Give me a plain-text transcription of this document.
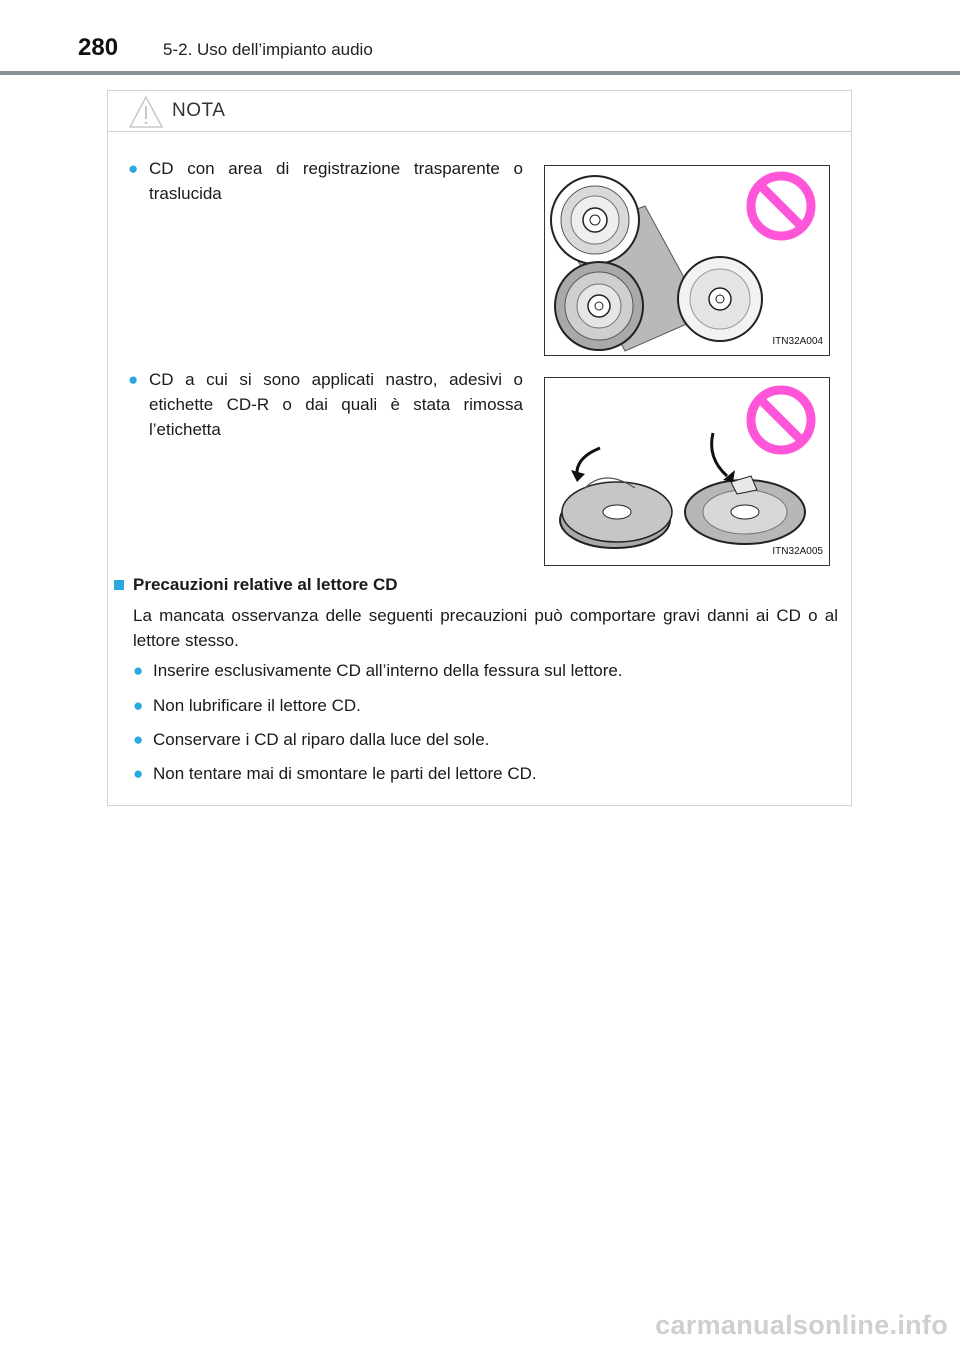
280	5-2. Uso dell’impianto audio
NOTA
● CD con area di registrazione trasparente o traslucida
ITN32A004
● CD a cui si sono applicati nastro, adesivi o etichette CD-R o dai quali è stata rimossa l’etichetta
ITN32A005
Precauzioni relative al lettore CD
La mancata osservanza delle seguenti precauzioni può comportare gravi danni ai CD o al lettore stesso.
● Inserire esclusivamente CD all’interno della fessura sul lettore.
● Non lubrificare il lettore CD.
● Conservare i CD al riparo dalla luce del sole.
● Non tentare mai di smontare le parti del lettore CD.
carmanualsonline.info
